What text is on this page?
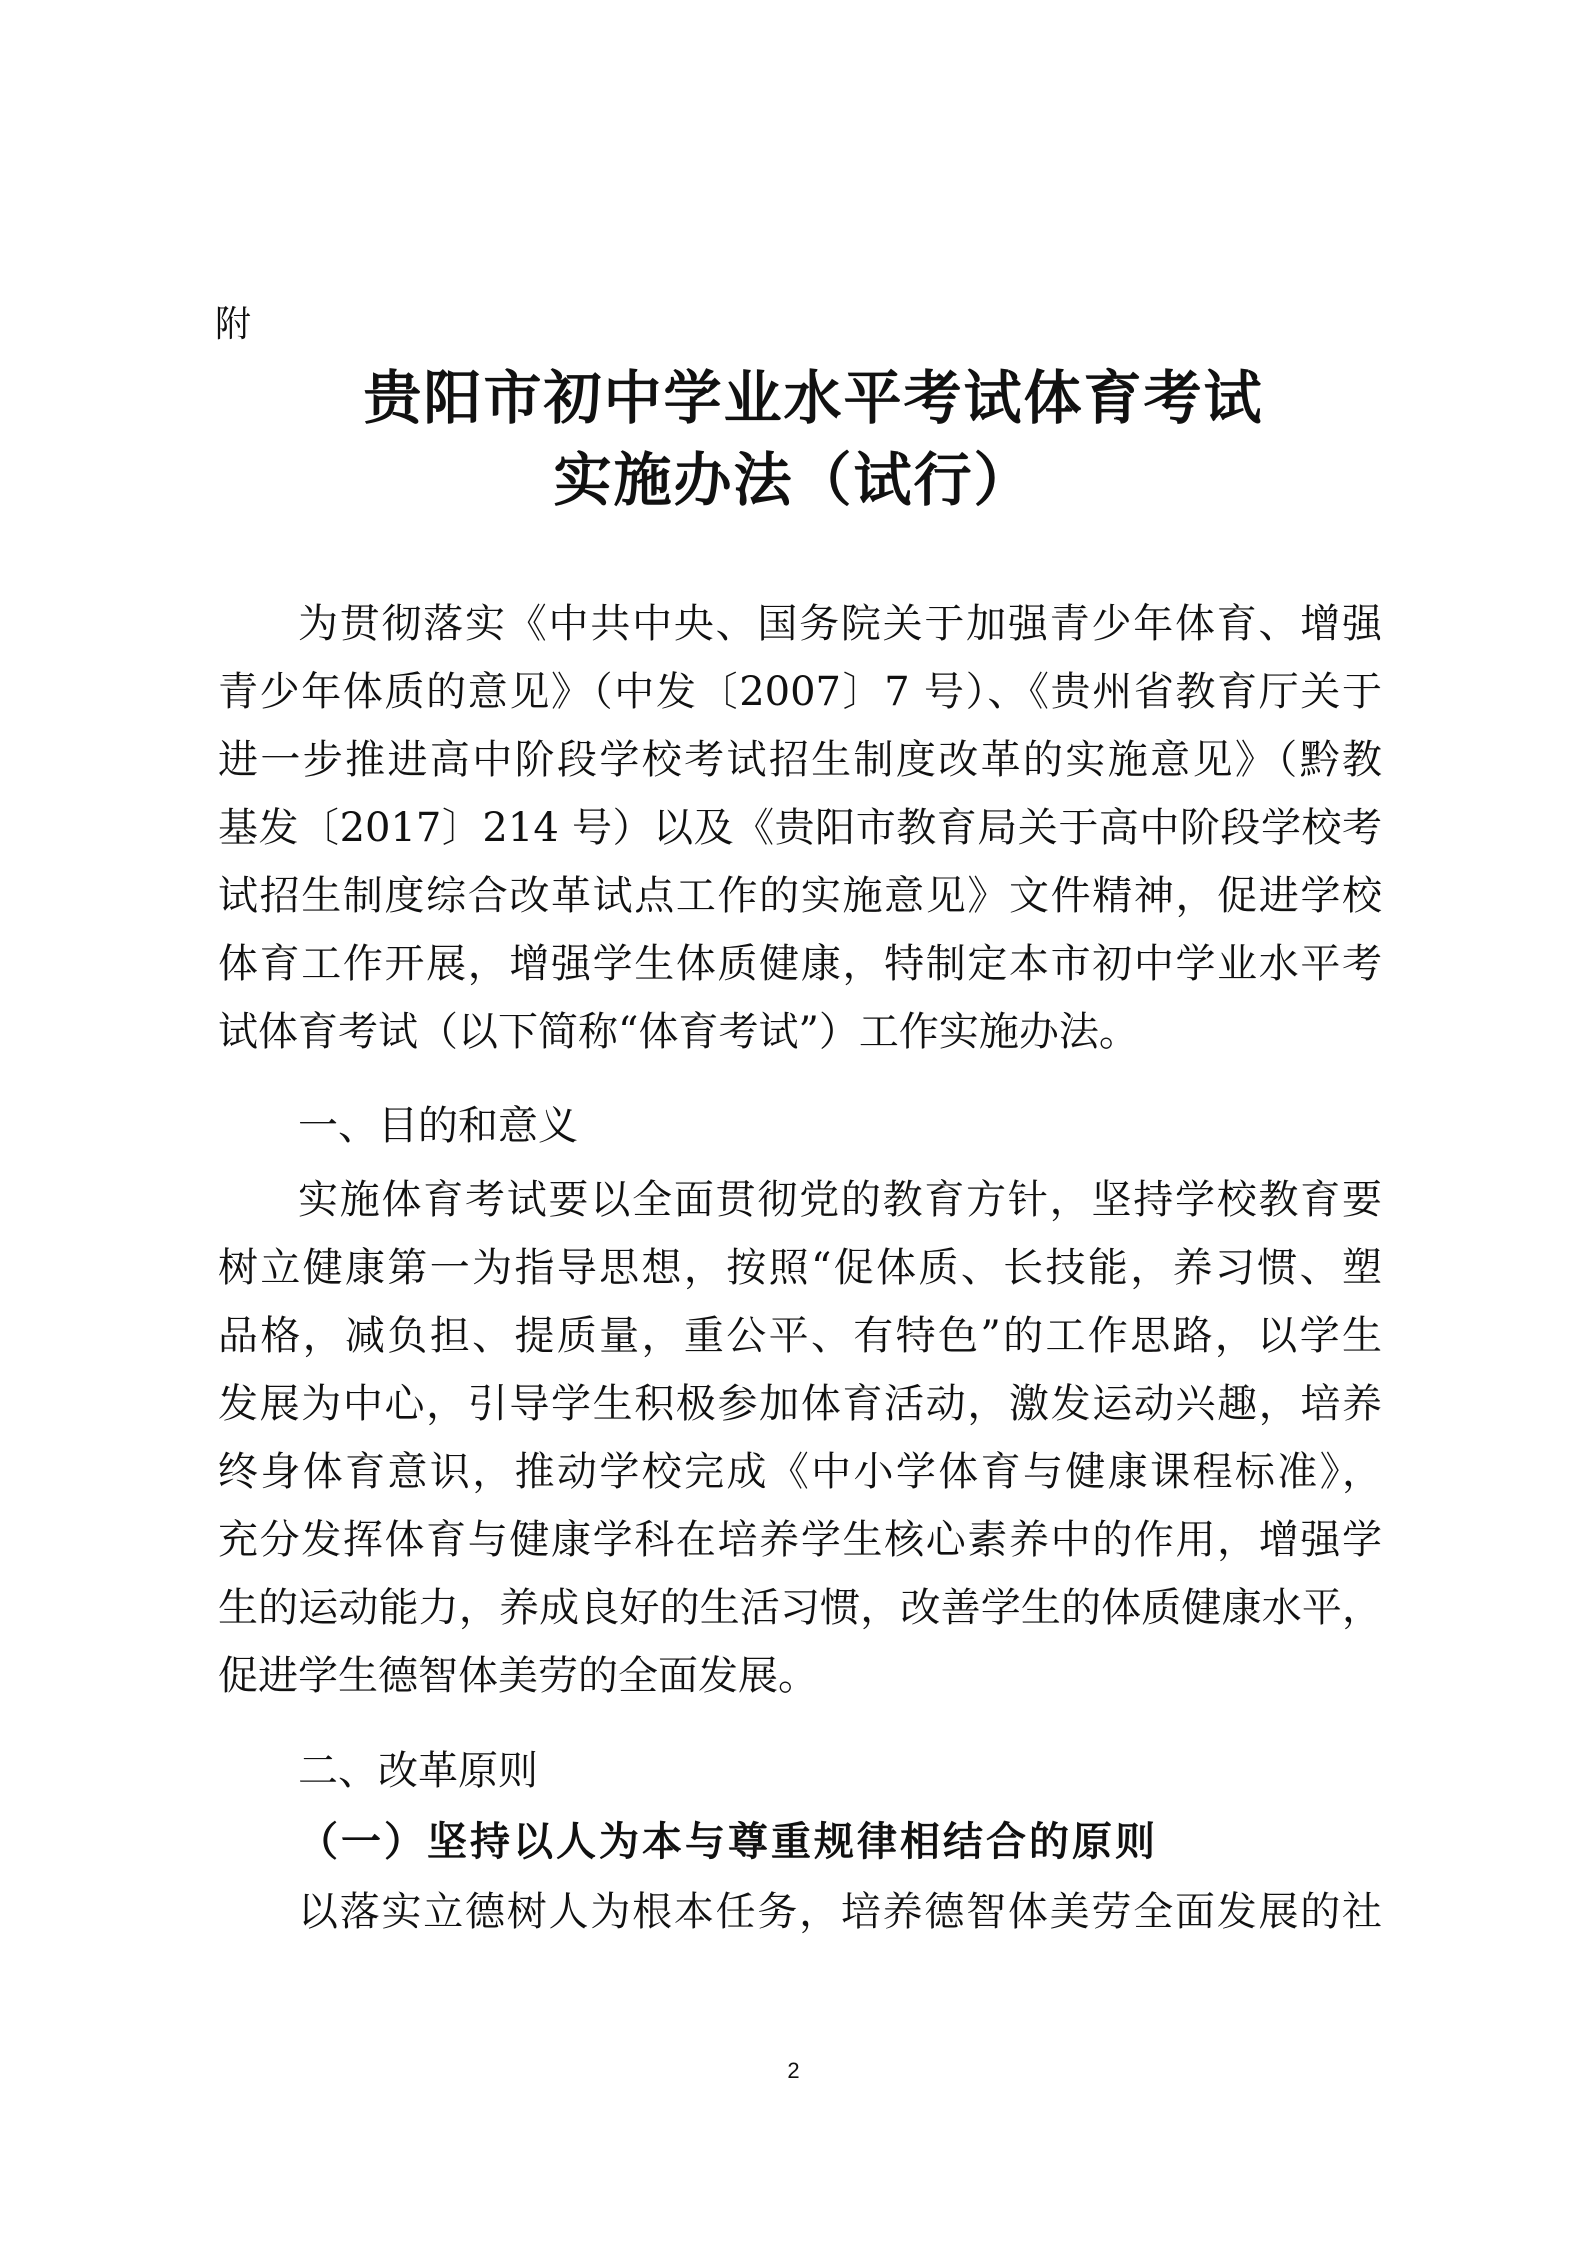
附
贵阳市初中学业水平考试体育考试
实施办法（试行）
为贯彻落实《中共中央、国务院关于加强青少年体育、增强
青少年体质的意见》（中发〔2007〕7 号）、《贵州省教育厅关于
进一步推进高中阶段学校考试招生制度改革的实施意见》（黔教
基发〔2017〕214 号）以及《贵阳市教育局关于高中阶段学校考
试招生制度综合改革试点工作的实施意见》文件精神，促进学校
体育工作开展，增强学生体质健康，特制定本市初中学业水平考
试体育考试（以下简称“体育考试”）工作实施办法。
一、目的和意义
实施体育考试要以全面贯彻党的教育方针，坚持学校教育要
树立健康第一为指导思想，按照“促体质、长技能，养习惯、塑
品格，减负担、提质量，重公平、有特色”的工作思路，以学生
发展为中心，引导学生积极参加体育活动，激发运动兴趣，培养
终身体育意识，推动学校完成《中小学体育与健康课程标准》，
充分发挥体育与健康学科在培养学生核心素养中的作用，增强学
生的运动能力，养成良好的生活习惯，改善学生的体质健康水平，
促进学生德智体美劳的全面发展。
二、改革原则
（一）坚持以人为本与尊重规律相结合的原则
以落实立德树人为根本任务，培养德智体美劳全面发展的社
2
